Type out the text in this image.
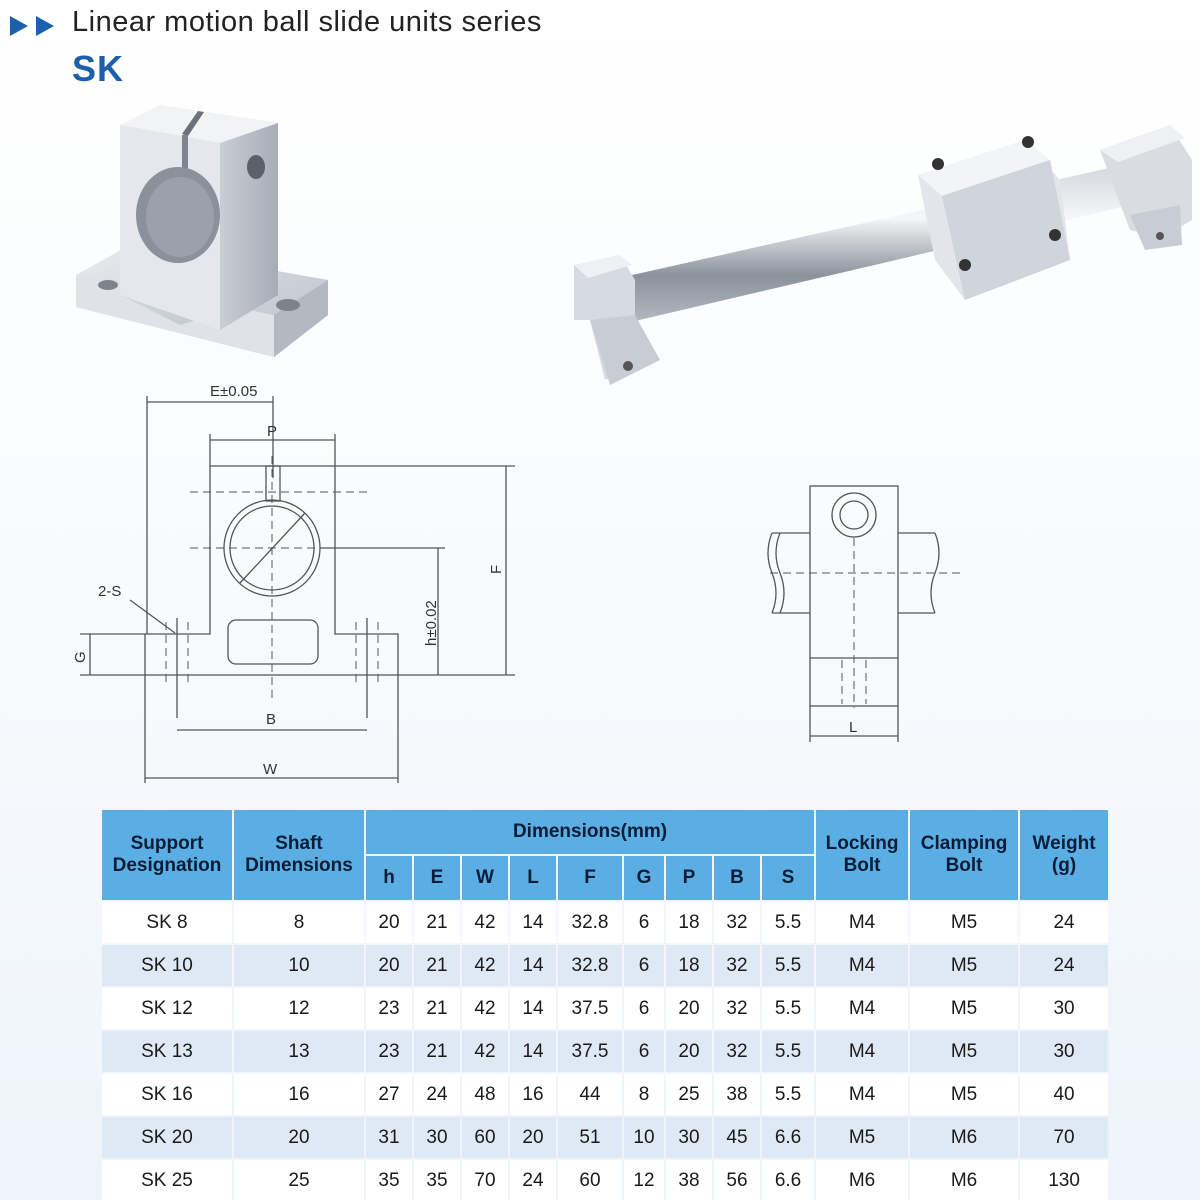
Linear motion ball slide units series
SK
E±0.05
P
2-S
G
h±0.02
F
B
W
L
Support Designation	Shaft Dimensions	Dimensions(mm)									Locking Bolt	Clamping Bolt	Weight (g)
		h	E	W	L	F	G	P	B	S			
SK 8	8	20	21	42	14	32.8	6	18	32	5.5	M4	M5	24
SK 10	10	20	21	42	14	32.8	6	18	32	5.5	M4	M5	24
SK 12	12	23	21	42	14	37.5	6	20	32	5.5	M4	M5	30
SK 13	13	23	21	42	14	37.5	6	20	32	5.5	M4	M5	30
SK 16	16	27	24	48	16	44	8	25	38	5.5	M4	M5	40
SK 20	20	31	30	60	20	51	10	30	45	6.6	M5	M6	70
SK 25	25	35	35	70	24	60	12	38	56	6.6	M6	M6	130
